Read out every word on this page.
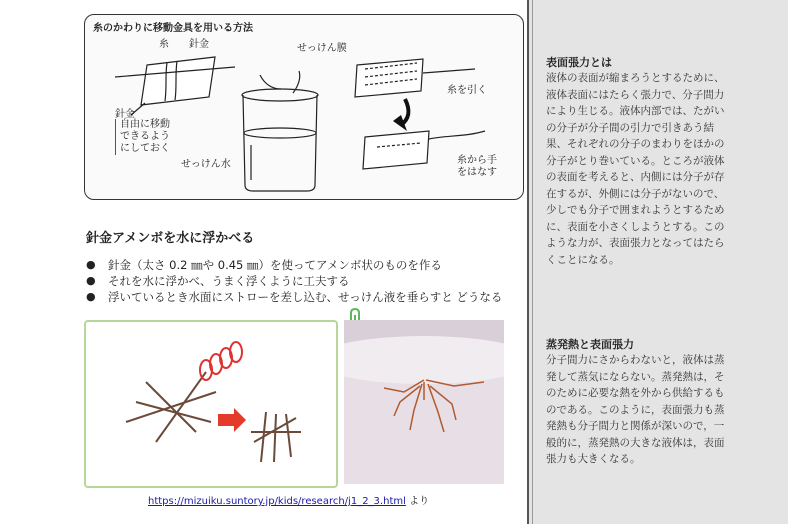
糸のかわりに移動金具を用いる方法
糸 針金	せっけん膜
糸を引く
針金
自由に移動
できるよう
にしておく
せっけん水	糸から手
をはなす
針金アメンボを水に浮かべる
●	針金（太さ 0.2 ㎜や 0.45 ㎜）を使ってアメンボ状のものを作る
●	それを水に浮かべ、うまく浮くように工夫する
●	浮いているとき水面にストローを差し込む、せっけん液を垂らすと どうなる
https://mizuiku.suntory.jp/kids/research/j1_2_3.html より
表面張力とは
液体の表面が縮まろうとするために、液体表面にはたらく張力で、分子間力により生じる。液体内部では、たがいの分子が分子間の引力で引きあう結果、それぞれの分子のまわりをほかの分子がとり巻いている。ところが液体の表面を考えると、内側には分子が存在するが、外側には分子がないので、少しでも分子で囲まれようとするために、表面を小さくしようとする。このような力が、表面張力となってはたらくことになる。
蒸発熱と表面張力
分子間力にさからわないと，液体は蒸発して蒸気にならない。蒸発熱は，そのために必要な熱を外から供給するものである。このように，表面張力も蒸発熱も分子間力と関係が深いので，一般的に，蒸発熱の大きな液体は，表面張力も大きくなる。
